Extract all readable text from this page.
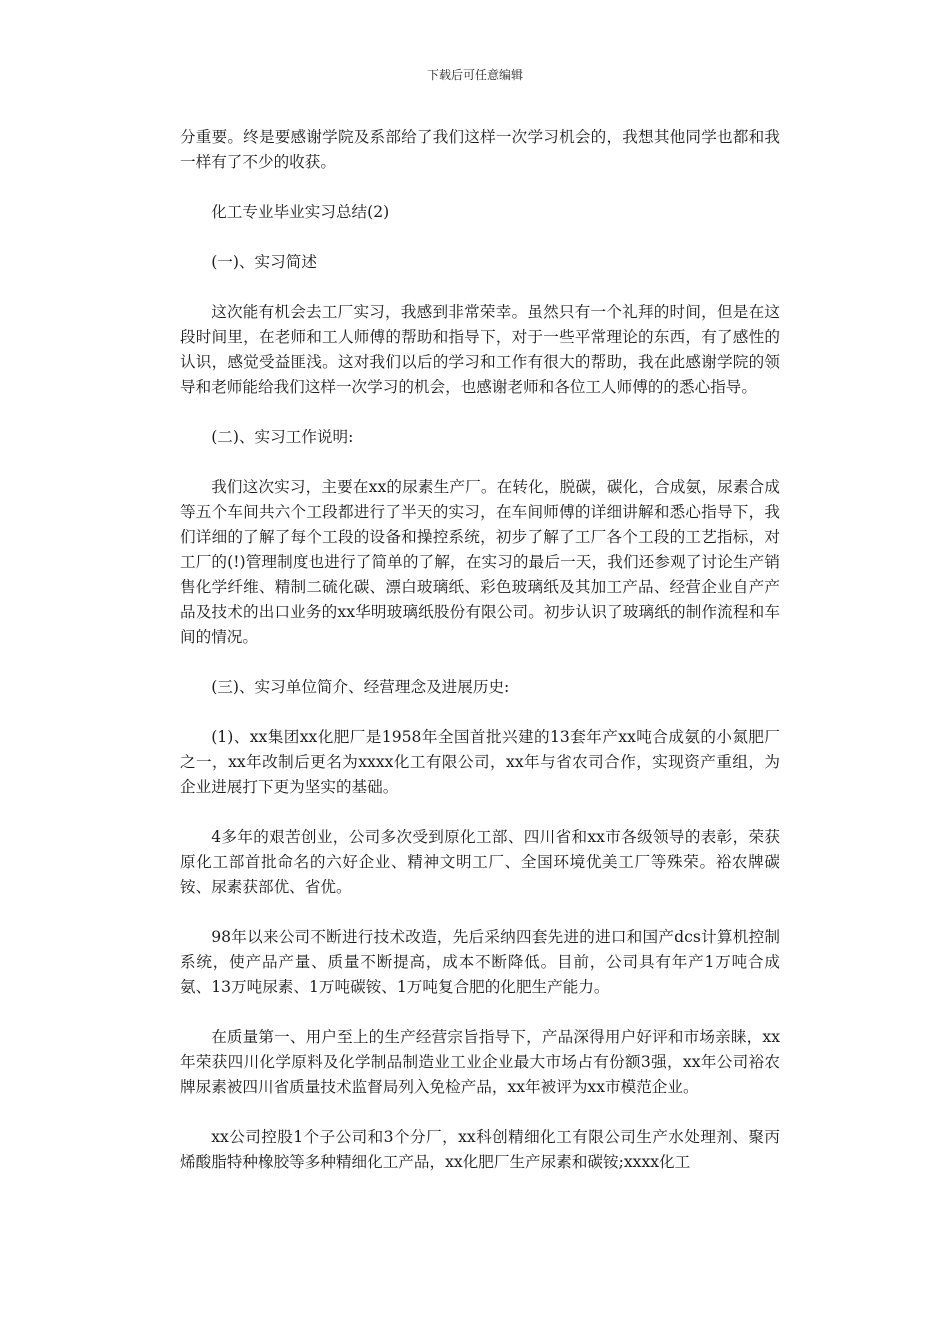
下载后可任意编辑

分重要。终是要感谢学院及系部给了我们这样一次学习机会的，我想其他同学也都和我一样有了不少的收获。

化工专业毕业实习总结(2)

(一)、实习简述

这次能有机会去工厂实习，我感到非常荣幸。虽然只有一个礼拜的时间，但是在这段时间里，在老师和工人师傅的帮助和指导下，对于一些平常理论的东西，有了感性的认识，感觉受益匪浅。这对我们以后的学习和工作有很大的帮助，我在此感谢学院的领导和老师能给我们这样一次学习的机会，也感谢老师和各位工人师傅的的悉心指导。

(二)、实习工作说明:

我们这次实习，主要在xx的尿素生产厂。在转化，脱碳，碳化，合成氨，尿素合成等五个车间共六个工段都进行了半天的实习，在车间师傅的详细讲解和悉心指导下，我们详细的了解了每个工段的设备和操控系统，初步了解了工厂各个工段的工艺指标，对工厂的(!)管理制度也进行了简单的了解，在实习的最后一天，我们还参观了讨论生产销售化学纤维、精制二硫化碳、漂白玻璃纸、彩色玻璃纸及其加工产品、经营企业自产产品及技术的出口业务的xx华明玻璃纸股份有限公司。初步认识了玻璃纸的制作流程和车间的情况。

(三)、实习单位简介、经营理念及进展历史:

(1)、xx集团xx化肥厂是1958年全国首批兴建的13套年产xx吨合成氨的小氮肥厂之一，xx年改制后更名为xxxx化工有限公司，xx年与省农司合作，实现资产重组，为企业进展打下更为坚实的基础。

4多年的艰苦创业，公司多次受到原化工部、四川省和xx市各级领导的表彰，荣获原化工部首批命名的六好企业、精神文明工厂、全国环境优美工厂等殊荣。裕农牌碳铵、尿素获部优、省优。

98年以来公司不断进行技术改造，先后采纳四套先进的进口和国产dcs计算机控制系统，使产品产量、质量不断提高，成本不断降低。目前，公司具有年产1万吨合成氨、13万吨尿素、1万吨碳铵、1万吨复合肥的化肥生产能力。

在质量第一、用户至上的生产经营宗旨指导下，产品深得用户好评和市场亲睐，xx年荣获四川化学原料及化学制品制造业工业企业最大市场占有份额3强，xx年公司裕农牌尿素被四川省质量技术监督局列入免检产品，xx年被评为xx市模范企业。

xx公司控股1个子公司和3个分厂，xx科创精细化工有限公司生产水处理剂、聚丙烯酸脂特种橡胶等多种精细化工产品，xx化肥厂生产尿素和碳铵;xxxx化工
